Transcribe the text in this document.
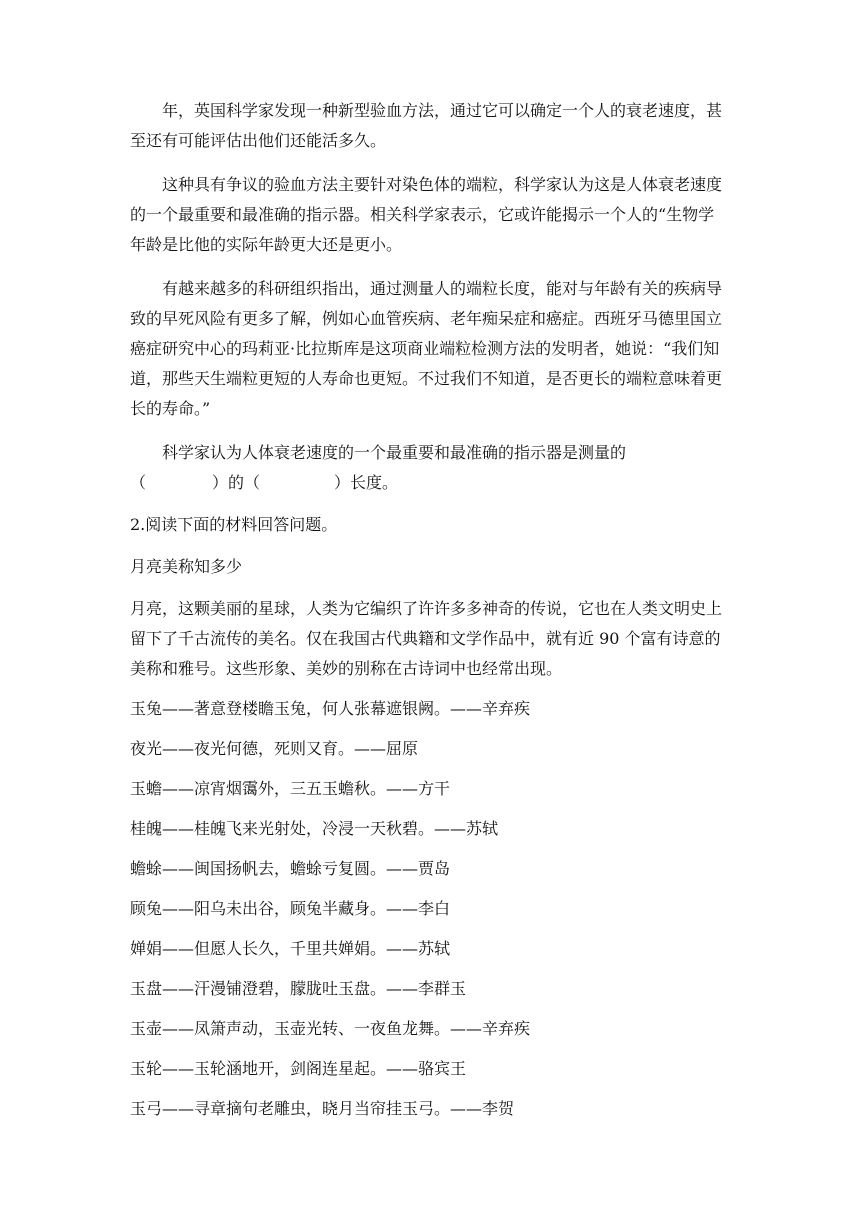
年，英国科学家发现一种新型验血方法，通过它可以确定一个人的衰老速度，甚至还有可能评估出他们还能活多久。

这种具有争议的验血方法主要针对染色体的端粒，科学家认为这是人体衰老速度的一个最重要和最准确的指示器。相关科学家表示，它或许能揭示一个人的“生物学年龄是比他的实际年龄更大还是更小。

有越来越多的科研组织指出，通过测量人的端粒长度，能对与年龄有关的疾病导致的早死风险有更多了解，例如心血管疾病、老年痴呆症和癌症。西班牙马德里国立癌症研究中心的玛莉亚·比拉斯库是这项商业端粒检测方法的发明者，她说：“我们知道，那些天生端粒更短的人寿命也更短。不过我们不知道，是否更长的端粒意味着更长的寿命。”

科学家认为人体衰老速度的一个最重要和最准确的指示器是测量的

（	）的（	）长度。

2.阅读下面的材料回答问题。

月亮美称知多少

月亮，这颗美丽的星球，人类为它编织了许许多多神奇的传说，它也在人类文明史上留下了千古流传的美名。仅在我国古代典籍和文学作品中，就有近 90 个富有诗意的美称和雅号。这些形象、美妙的别称在古诗词中也经常出现。

玉兔——著意登楼瞻玉兔，何人张幕遮银阙。——辛弃疾

夜光——夜光何德，死则又育。——屈原

玉蟾——凉宵烟霭外，三五玉蟾秋。——方干

桂魄——桂魄飞来光射处，冷浸一天秋碧。——苏轼

蟾蜍——闽国扬帆去，蟾蜍亏复圆。——贾岛

顾兔——阳乌未出谷，顾兔半藏身。——李白

婵娟——但愿人长久，千里共婵娟。——苏轼

玉盘——汗漫铺澄碧，朦胧吐玉盘。——李群玉

玉壶——凤箫声动，玉壶光转、一夜鱼龙舞。——辛弃疾

玉轮——玉轮涵地开，剑阁连星起。——骆宾王

玉弓——寻章摘句老雕虫，晓月当帘挂玉弓。——李贺
